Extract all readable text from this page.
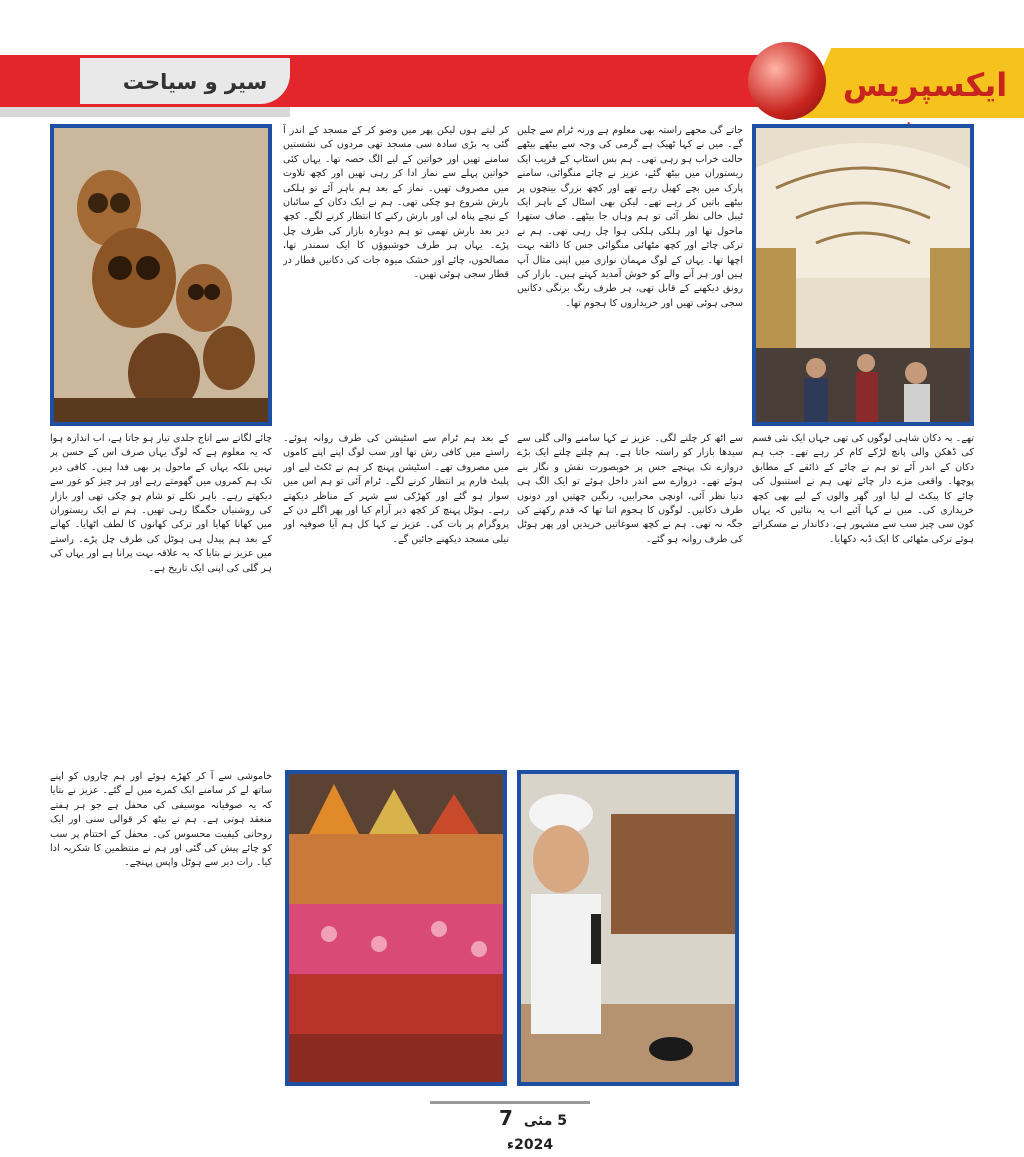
سیر و سیاحت	ایکسپریس

جاتے گی مجھے راستہ بھی معلوم ہے ورنہ ٹرام سے چلیں گے۔ میں نے کہا ٹھیک ہے گرمی کی وجہ سے بیٹھے بیٹھے حالت خراب ہو رہی تھی۔ ہم بس اسٹاپ کے قریب ایک ریستوران میں بیٹھ گئے، عزیز نے چائے منگوائی، سامنے پارک میں بچے کھیل رہے تھے اور کچھ بزرگ بینچوں پر بیٹھے باتیں کر رہے تھے۔ لیکن بھی اسٹال کے باہر ایک ٹیبل خالی نظر آئی تو ہم وہاں جا بیٹھے۔ صاف ستھرا ماحول تھا اور ہلکی ہلکی ہوا چل رہی تھی۔ ہم نے ترکی چائے اور کچھ مٹھائی منگوائی جس کا ذائقہ بہت اچھا تھا۔ یہاں کے لوگ مہمان نوازی میں اپنی مثال آپ ہیں اور ہر آنے والے کو خوش آمدید کہتے ہیں۔ بازار کی رونق دیکھنے کے قابل تھی، ہر طرف رنگ برنگی دکانیں سجی ہوئی تھیں اور خریداروں کا ہجوم تھا۔

کر لیتے ہوں لیکن پھر میں وضو کر کے مسجد کے اندر آ گئی یہ بڑی سادہ سی مسجد تھی مردوں کی نشستیں سامنے تھیں اور خواتین کے لیے الگ حصہ تھا۔ یہاں کئی خواتین پہلے سے نماز ادا کر رہی تھیں اور کچھ تلاوت میں مصروف تھیں۔ نماز کے بعد ہم باہر آئے تو ہلکی بارش شروع ہو چکی تھی۔ ہم نے ایک دکان کے سائبان کے نیچے پناہ لی اور بارش رکنے کا انتظار کرنے لگے۔ کچھ دیر بعد بارش تھمی تو ہم دوبارہ بازار کی طرف چل پڑے۔ یہاں ہر طرف خوشبوؤں کا ایک سمندر تھا، مصالحوں، چائے اور خشک میوہ جات کی دکانیں قطار در قطار سجی ہوئی تھیں۔

سے اٹھ کر چلنے لگی۔ عزیز نے کہا سامنے والی گلی سے سیدھا بازار کو راستہ جاتا ہے۔ ہم چلتے چلتے ایک بڑے دروازے تک پہنچے جس پر خوبصورت نقش و نگار بنے ہوئے تھے۔ دروازے سے اندر داخل ہوئے تو ایک الگ ہی دنیا نظر آئی، اونچی محرابیں، رنگین چھتیں اور دونوں طرف دکانیں۔ لوگوں کا ہجوم اتنا تھا کہ قدم رکھنے کی جگہ نہ تھی۔ ہم نے کچھ سوغاتیں خریدیں اور پھر ہوٹل کی طرف روانہ ہو گئے۔

تھے۔ یہ دکان شاہی لوگوں کی تھی جہاں ایک نئی قسم کی ڈھکن والی پانچ لڑکے کام کر رہے تھے۔ جب ہم دکان کے اندر آئے تو ہم نے چائے کے ذائقے کے مطابق پوچھا۔ واقعی مزے دار چائے تھی ہم نے استنبول کی چائے کا پیکٹ لے لیا اور گھر والوں کے لیے بھی کچھ خریداری کی۔ میں نے کہا آئیے اب یہ بتائیں کہ یہاں کون سی چیز سب سے مشہور ہے، دکاندار نے مسکراتے ہوئے ترکی مٹھائی کا ایک ڈبہ دکھایا۔

چائے لگانے سے اناج جلدی تیار ہو جاتا ہے، اب اندازہ ہوا کہ یہ معلوم ہے کہ لوگ یہاں صرف اس کے حسن پر نہیں بلکہ یہاں کے ماحول پر بھی فدا ہیں۔ کافی دیر تک ہم کمروں میں گھومتے رہے اور ہر چیز کو غور سے دیکھتے رہے۔ باہر نکلے تو شام ہو چکی تھی اور بازار کی روشنیاں جگمگا رہی تھیں۔ ہم نے ایک ریستوران میں کھانا کھایا اور ترکی کھانوں کا لطف اٹھایا۔ کھانے کے بعد ہم پیدل ہی ہوٹل کی طرف چل پڑے۔ راستے میں عزیز نے بتایا کہ یہ علاقہ بہت پرانا ہے اور یہاں کی ہر گلی کی اپنی ایک تاریخ ہے۔

کے بعد ہم ٹرام سے اسٹیشن کی طرف روانہ ہوئے۔ راستے میں کافی رش تھا اور سب لوگ اپنے اپنے کاموں میں مصروف تھے۔ اسٹیشن پہنچ کر ہم نے ٹکٹ لیے اور پلیٹ فارم پر انتظار کرنے لگے۔ ٹرام آئی تو ہم اس میں سوار ہو گئے اور کھڑکی سے شہر کے مناظر دیکھتے رہے۔ ہوٹل پہنچ کر کچھ دیر آرام کیا اور پھر اگلے دن کے پروگرام پر بات کی۔ عزیز نے کہا کل ہم آیا صوفیہ اور نیلی مسجد دیکھنے جائیں گے۔

خاموشی سے آ کر کھڑے ہوئے اور ہم چاروں کو اپنے ساتھ لے کر سامنے ایک کمرے میں لے گئے۔ عزیز نے بتایا کہ یہ صوفیانہ موسیقی کی محفل ہے جو ہر ہفتے منعقد ہوتی ہے۔ ہم نے بیٹھ کر قوالی سنی اور ایک روحانی کیفیت محسوس کی۔ محفل کے اختتام پر سب کو چائے پیش کی گئی اور ہم نے منتظمین کا شکریہ ادا کیا۔ رات دیر سے ہوٹل واپس پہنچے۔

5 مئی 7 2024ء
